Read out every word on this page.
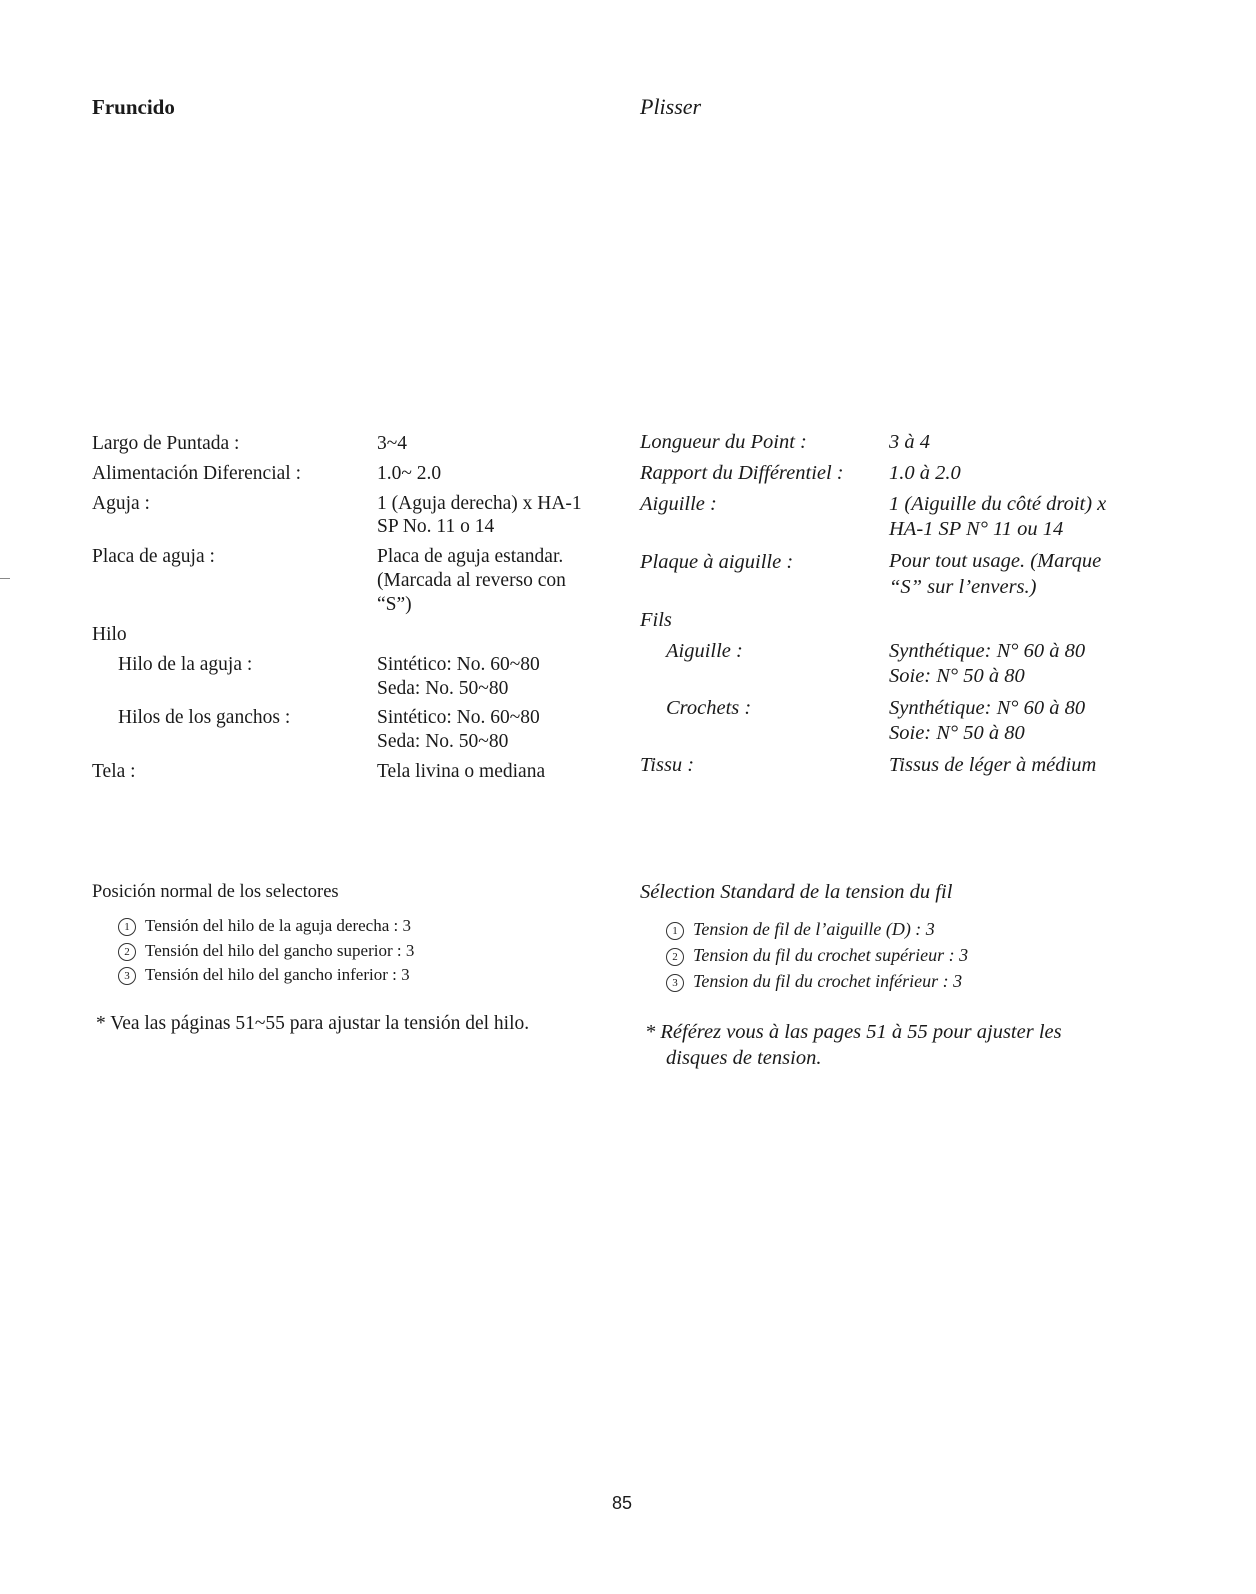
Fruncido	Plisser
Largo de Puntada :	3~4
Alimentación Diferencial :	1.0~ 2.0
Aguja :	1 (Aguja derecha) x HA-1
SP No. 11 o 14
Placa de aguja :	Placa de aguja estandar.
(Marcada al reverso con
“S”)
Hilo
Hilo de la aguja :	Sintético: No. 60~80
Seda: No. 50~80
Hilos de los ganchos :	Sintético: No. 60~80
Seda: No. 50~80
Tela :	Tela livina o mediana
Longueur du Point :	3 à 4
Rapport du Différentiel : 1.0 à 2.0
Aiguille :	1 (Aiguille du côté droit) x
HA-1 SP N° 11 ou 14
Plaque à aiguille :	Pour tout usage. (Marque
“S” sur l’envers.)
Fils
Aiguille :	Synthétique: N° 60 à 80
Soie: N° 50 à 80
Crochets :	Synthétique: N° 60 à 80
Soie: N° 50 à 80
Tissu :	Tissus de léger à médium
Posición normal de los selectores
1 Tensión del hilo de la aguja derecha : 3
2 Tensión del hilo del gancho superior : 3
3 Tensión del hilo del gancho inferior : 3
* Vea las páginas 51~55 para ajustar la tensión del hilo.
Sélection Standard de la tension du fil
1 Tension de fil de l’aiguille (D) : 3
2 Tension du fil du crochet supérieur : 3
3 Tension du fil du crochet inférieur : 3
* Référez vous à las pages 51 à 55 pour ajuster les
disques de tension.
85
